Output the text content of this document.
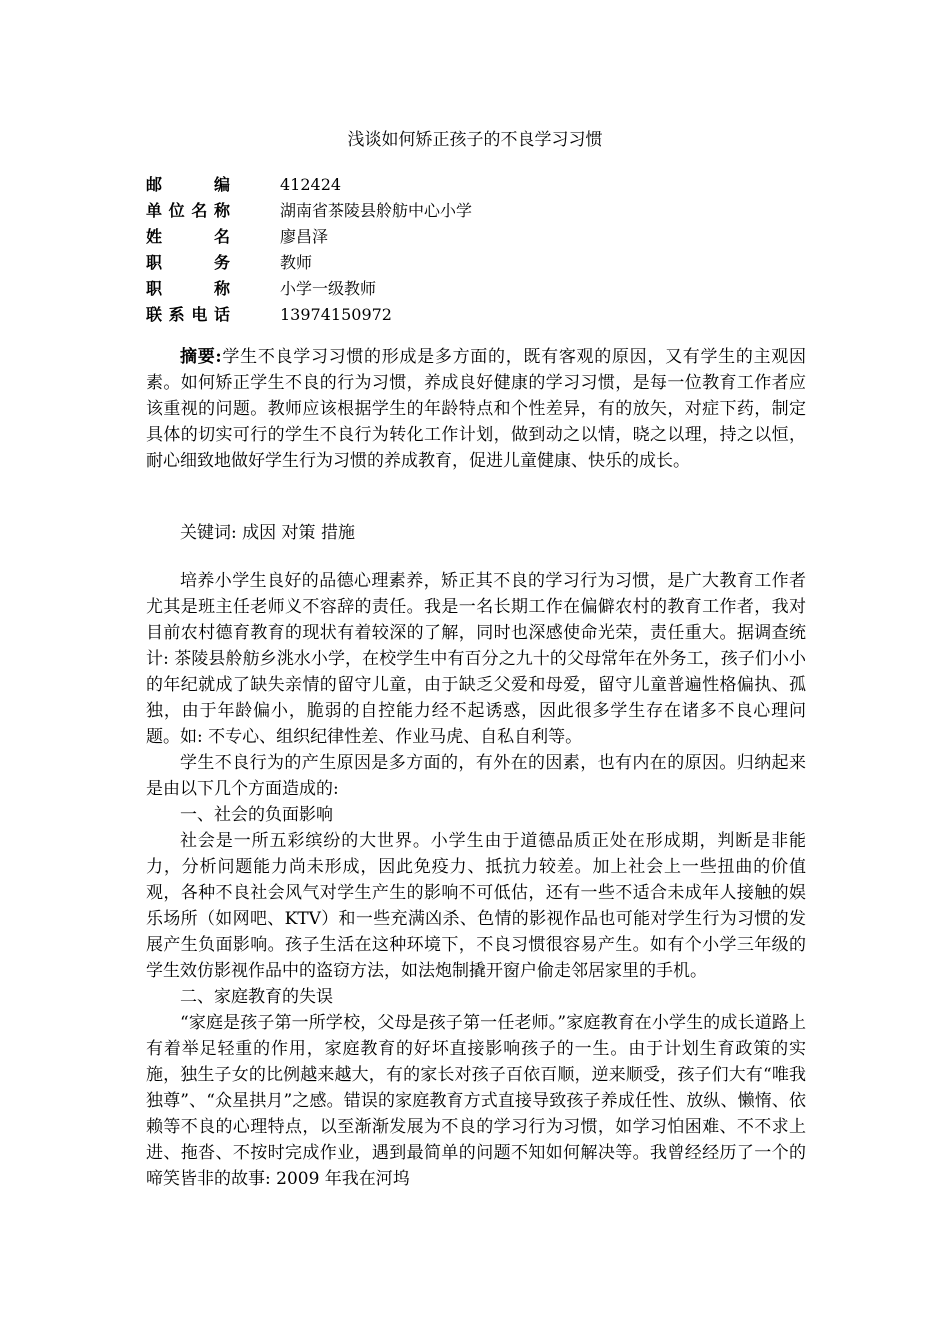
浅谈如何矫正孩子的不良学习习惯
邮编	412424
单位名称	湖南省茶陵县舲舫中心小学
姓名	廖昌泽
职务	教师
职称	小学一级教师
联系电话	13974150972

摘要:学生不良学习习惯的形成是多方面的，既有客观的原因，又有学生的主观因素。如何矫正学生不良的行为习惯，养成良好健康的学习习惯，是每一位教育工作者应该重视的问题。教师应该根据学生的年龄特点和个性差异，有的放矢，对症下药，制定具体的切实可行的学生不良行为转化工作计划，做到动之以情，晓之以理，持之以恒，耐心细致地做好学生行为习惯的养成教育，促进儿童健康、快乐的成长。

关键词: 成因 对策 措施

培养小学生良好的品德心理素养，矫正其不良的学习行为习惯，是广大教育工作者尤其是班主任老师义不容辞的责任。我是一名长期工作在偏僻农村的教育工作者，我对目前农村德育教育的现状有着较深的了解，同时也深感使命光荣，责任重大。据调查统计: 茶陵县舲舫乡洮水小学，在校学生中有百分之九十的父母常年在外务工，孩子们小小的年纪就成了缺失亲情的留守儿童，由于缺乏父爱和母爱，留守儿童普遍性格偏执、孤独，由于年龄偏小，脆弱的自控能力经不起诱惑，因此很多学生存在诸多不良心理问题。如: 不专心、组织纪律性差、作业马虎、自私自利等。

学生不良行为的产生原因是多方面的，有外在的因素，也有内在的原因。归纳起来是由以下几个方面造成的:

一、社会的负面影响

社会是一所五彩缤纷的大世界。小学生由于道德品质正处在形成期，判断是非能力，分析问题能力尚未形成，因此免疫力、抵抗力较差。加上社会上一些扭曲的价值观，各种不良社会风气对学生产生的影响不可低估，还有一些不适合未成年人接触的娱乐场所（如网吧、KTV）和一些充满凶杀、色情的影视作品也可能对学生行为习惯的发展产生负面影响。孩子生活在这种环境下，不良习惯很容易产生。如有个小学三年级的学生效仿影视作品中的盗窃方法，如法炮制撬开窗户偷走邻居家里的手机。

二、家庭教育的失误

“家庭是孩子第一所学校，父母是孩子第一任老师。”家庭教育在小学生的成长道路上有着举足轻重的作用，家庭教育的好坏直接影响孩子的一生。由于计划生育政策的实施，独生子女的比例越来越大，有的家长对孩子百依百顺，逆来顺受，孩子们大有“唯我独尊”、“众星拱月”之感。错误的家庭教育方式直接导致孩子养成任性、放纵、懒惰、依赖等不良的心理特点，以至渐渐发展为不良的学习行为习惯，如学习怕困难、不不求上进、拖沓、不按时完成作业，遇到最简单的问题不知如何解决等。我曾经经历了一个的啼笑皆非的故事: 2009 年我在河坞
